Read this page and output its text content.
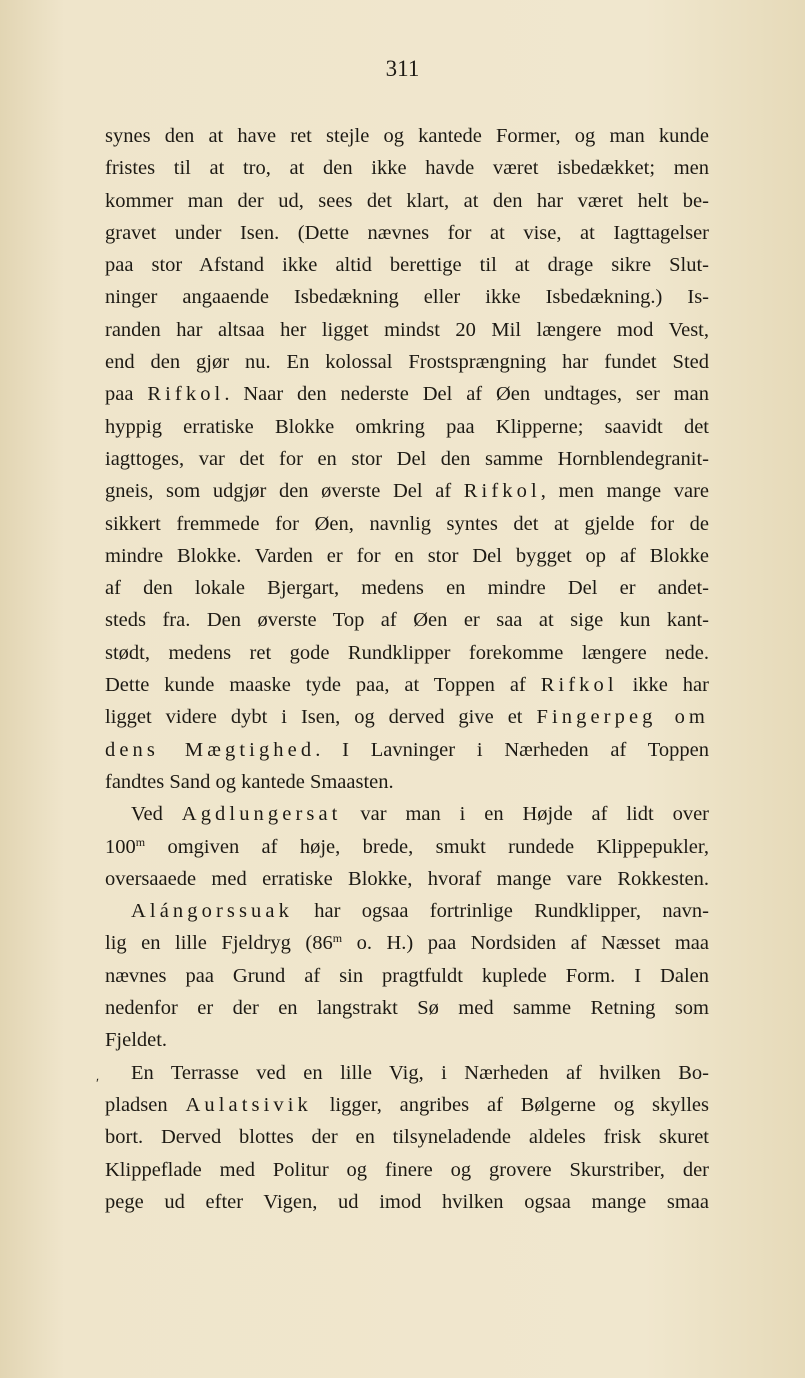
311
synes den at have ret stejle og kantede Former, og man kunde
fristes til at tro, at den ikke havde været isbedækket; men
kommer man der ud, sees det klart, at den har været helt be-
gravet under Isen. (Dette nævnes for at vise, at Iagttagelser
paa stor Afstand ikke altid berettige til at drage sikre Slut-
ninger angaaende Isbedækning eller ikke Isbedækning.) Is-
randen har altsaa her ligget mindst 20 Mil længere mod Vest,
end den gjør nu. En kolossal Frostsprængning har fundet Sted
paa Rifkol. Naar den nederste Del af Øen undtages, ser man
hyppig erratiske Blokke omkring paa Klipperne; saavidt det
iagttoges, var det for en stor Del den samme Hornblendegranit-
gneis, som udgjør den øverste Del af Rifkol, men mange vare
sikkert fremmede for Øen, navnlig syntes det at gjelde for de
mindre Blokke. Varden er for en stor Del bygget op af Blokke
af den lokale Bjergart, medens en mindre Del er andet-
steds fra. Den øverste Top af Øen er saa at sige kun kant-
stødt, medens ret gode Rundklipper forekomme længere nede.
Dette kunde maaske tyde paa, at Toppen af Rifkol ikke har
ligget videre dybt i Isen, og derved give et Fingerpeg om
dens Mægtighed. I Lavninger i Nærheden af Toppen
fandtes Sand og kantede Smaasten.
Ved Agdlungersat var man i en Højde af lidt over
100$^m$ omgiven af høje, brede, smukt rundede Klippepukler,
oversaaede med erratiske Blokke, hvoraf mange vare Rokkesten.
Alángorssuak har ogsaa fortrinlige Rundklipper, navn-
lig en lille Fjeldryg (86$^m$ o. H.) paa Nordsiden af Næsset maa
nævnes paa Grund af sin pragtfuldt kuplede Form. I Dalen
nedenfor er der en langstrakt Sø med samme Retning som
Fjeldet.
En Terrasse ved en lille Vig, i Nærheden af hvilken Bo-
pladsen Aulatsivik ligger, angribes af Bølgerne og skylles
bort. Derved blottes der en tilsyneladende aldeles frisk skuret
Klippeflade med Politur og finere og grovere Skurstriber, der
pege ud efter Vigen, ud imod hvilken ogsaa mange smaa
ʹ
